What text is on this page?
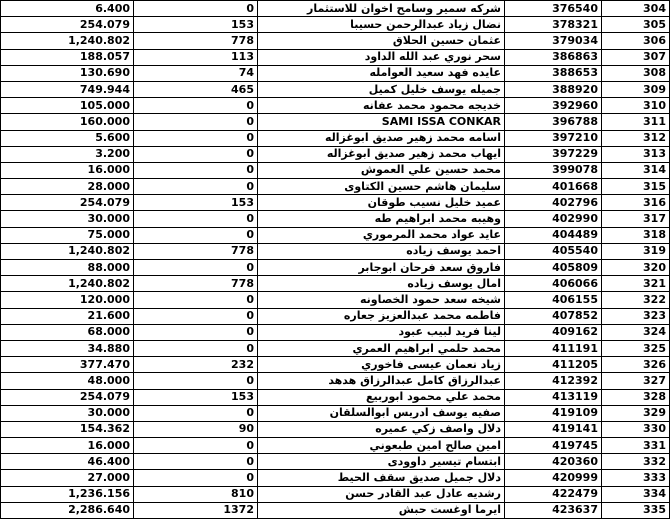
6.400	0	شركه سمير وسامح اخوان للاستثمار	376540	304
254.079	153	نضال زياد عبدالرحمن حسيبا	378321	305
1,240.802	778	عثمان حسين الحلاق	379034	306
188.057	113	سحر نوري عبد الله الداود	386863	307
130.690	74	عايده فهد سعيد العوامله	388653	308
749.944	465	جميله يوسف خليل كميل	388920	309
105.000	0	خديجه محمود محمد عفانه	392960	310
160.000	0	SAMI ISSA CONKAR	396788	311
5.600	0	اسامه محمد زهير صديق ابوغزاله	397210	312
3.200	0	ايهاب محمد زهير صديق ابوغزاله	397229	313
16.000	0	محمد حسين علي العموش	399078	314
28.000	0	سليمان هاشم حسين الكتاوى	401668	315
254.079	153	عميد خليل نسيب طوقان	402796	316
30.000	0	وهيبه محمد ابراهيم طه	402990	317
75.000	0	عايد عواد محمد المرموري	404489	318
1,240.802	778	احمد يوسف زياده	405540	319
88.000	0	فاروق سعد فرحان ابوجابر	405809	320
1,240.802	778	امال يوسف زياده	406066	321
120.000	0	شيخه سعد حمود الخصاونه	406155	322
21.600	0	فاطمه محمد عبدالعزيز جعاره	407852	323
68.000	0	لينا فريد لبيب عبود	409162	324
34.880	0	محمد حلمي ابراهيم العمري	411191	325
377.470	232	زياد نعمان عيسى فاخوري	411205	326
48.000	0	عبدالرزاق كامل عبدالرزاق هدهد	412392	327
254.079	153	محمد علي محمود ابوربيع	413119	328
30.000	0	صفيه يوسف ادريس ابوالسلقان	419109	329
154.362	90	دلال واصف زكي عميره	419141	330
16.000	0	امين صالح امين طبعوني	419745	331
46.400	0	ابتسام تيسير داوودى	420360	332
27.000	0	دلال جميل صديق سقف الحيط	420999	333
1,236.156	810	رشديه عادل عبد القادر حسن	422479	334
2,286.640	1372	ايرما اوغست حبش	423637	335
